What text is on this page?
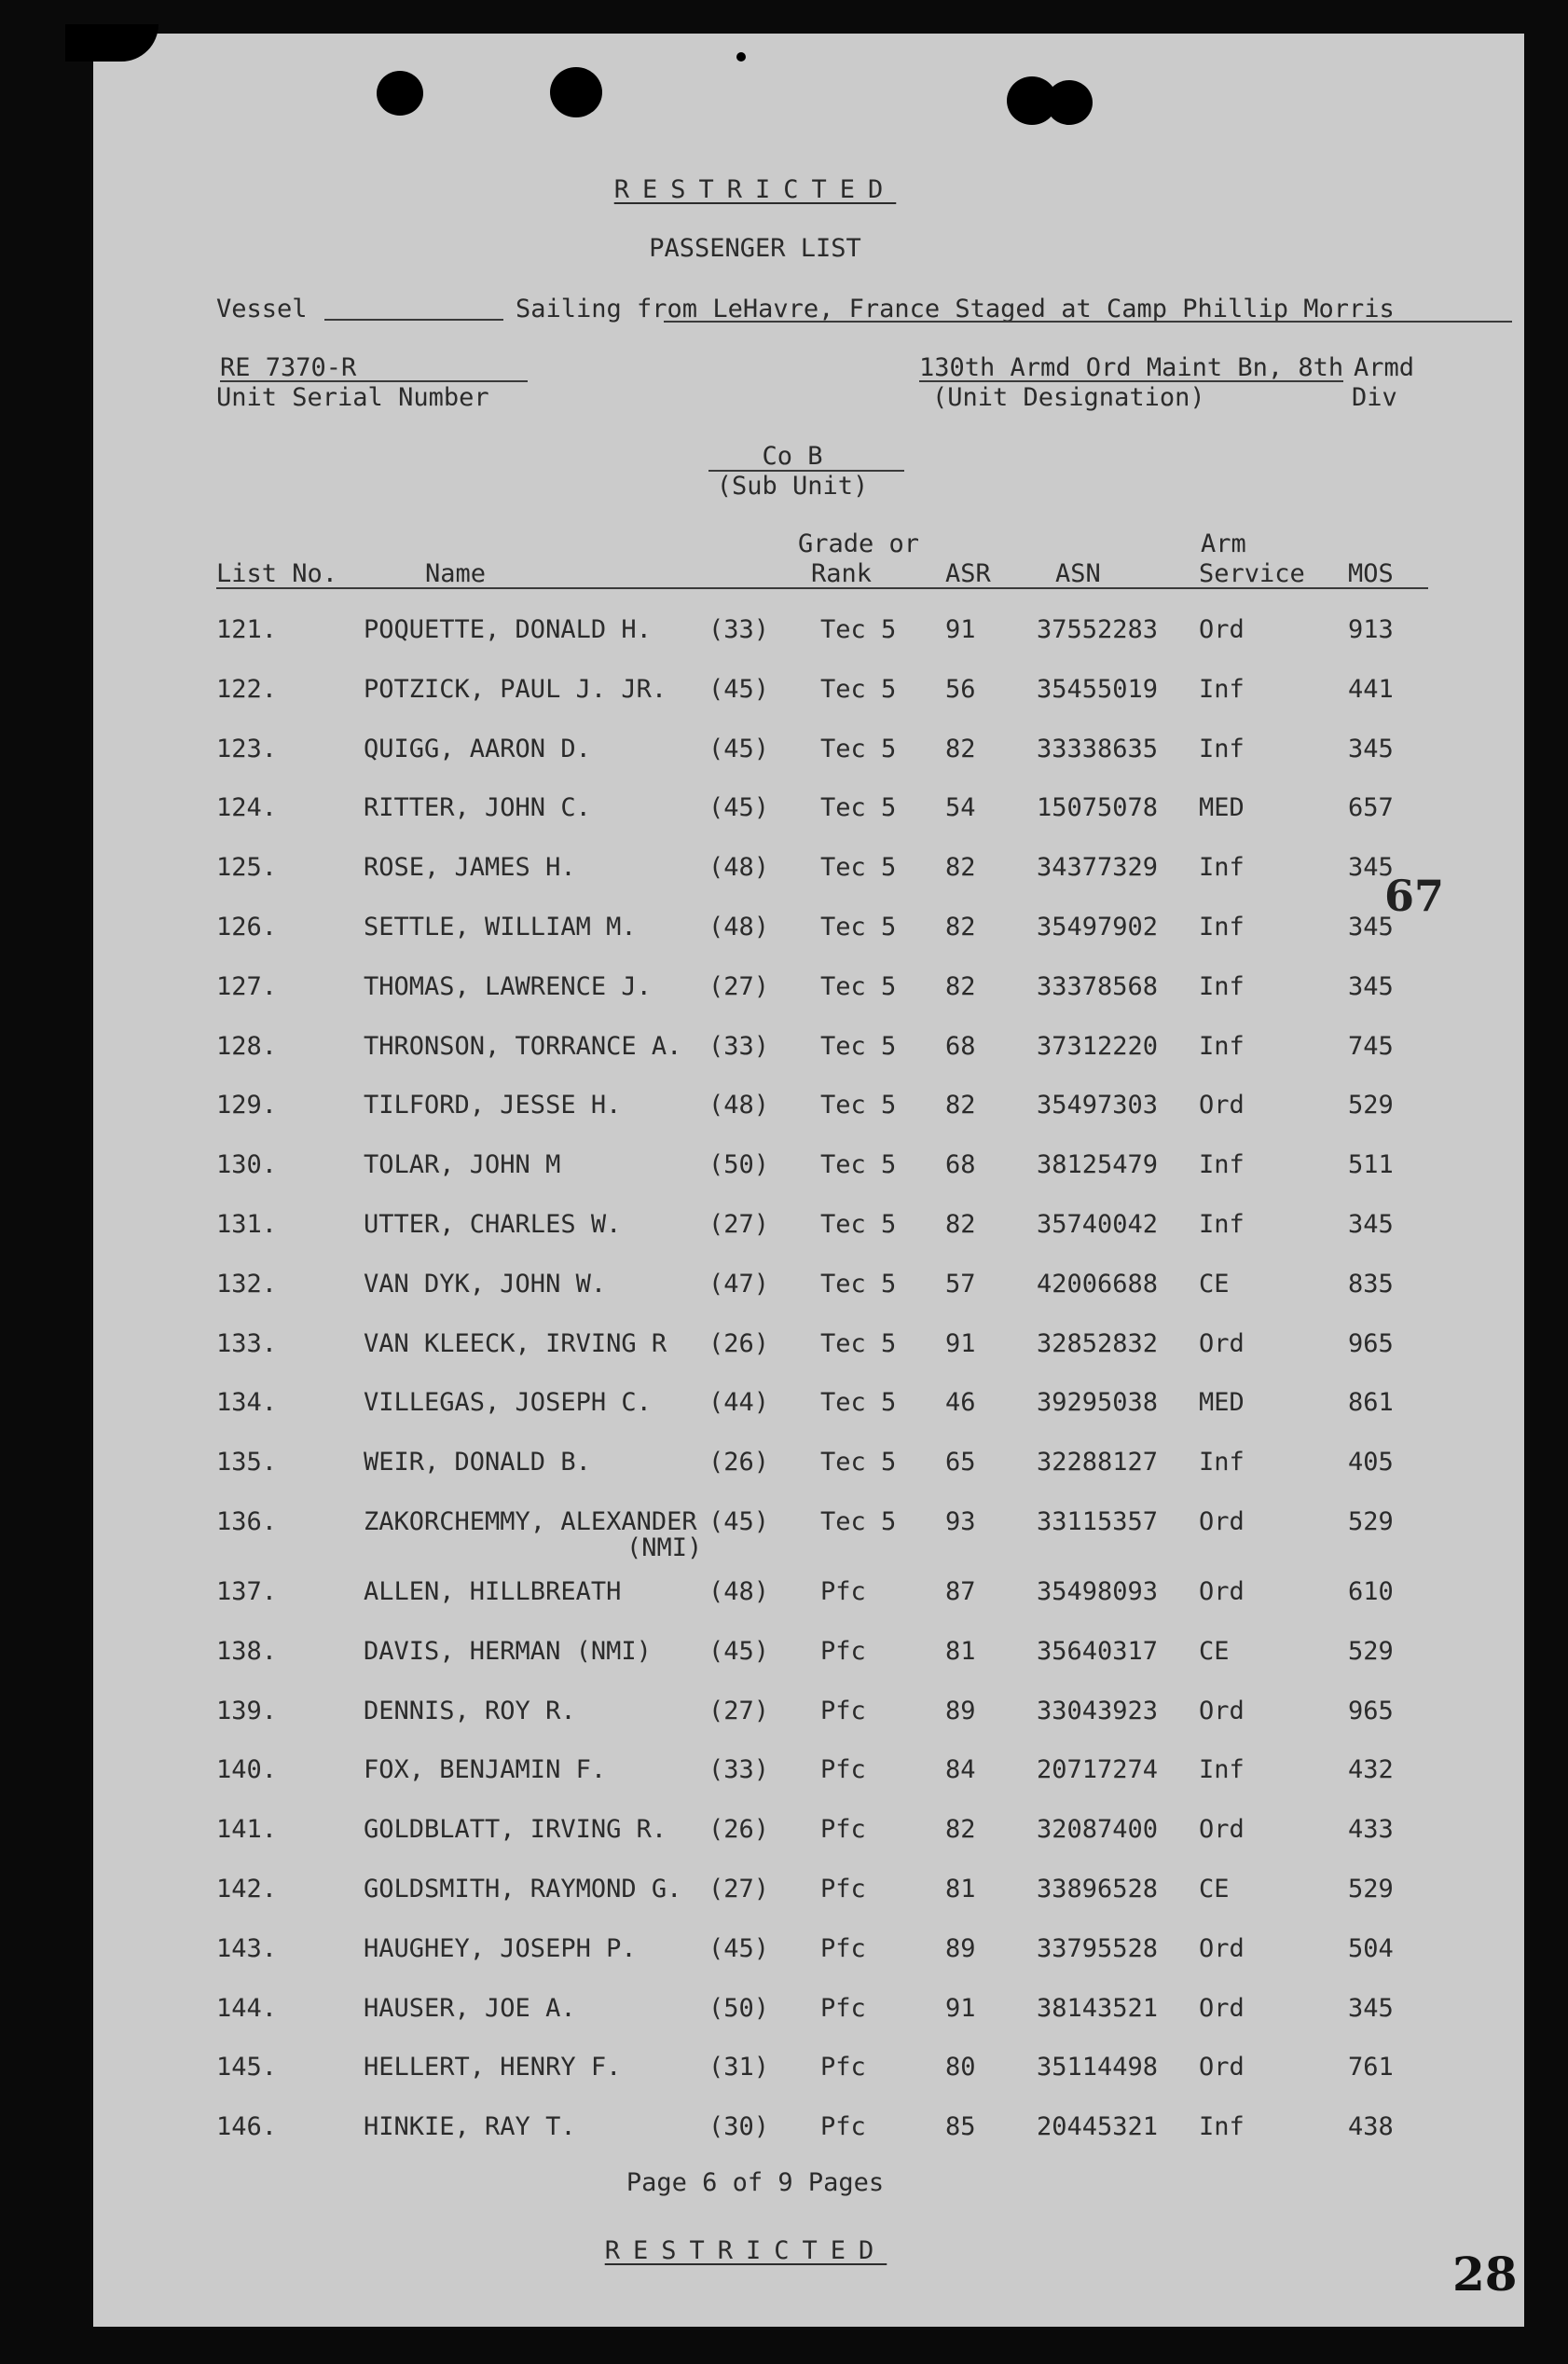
RESTRICTED
PASSENGER LIST
Vessel	Sailing from LeHavre, France Staged at Camp Phillip Morris
RE 7370-R
Unit Serial Number
130th Armd Ord Maint Bn, 8th Armd
(Unit Designation)	Div
Co B
(Sub Unit)
Grade or	Arm
List No.	Name	Rank	ASR	ASN	Service MOS
121.	POQUETTE, DONALD H. (33) Tec 5 91 37552283 Ord	913
122.	POTZICK, PAUL J. JR. (45) Tec 5 56 35455019 Inf	441
123.	QUIGG, AARON D.	(45) Tec 5 82 33338635 Inf	345
124.	RITTER, JOHN C.	(45) Tec 5 54 15075078 MED	657
125.	ROSE, JAMES H.	(48) Tec 5 82 34377329 Inf	345
126.	SETTLE, WILLIAM M.	(48) Tec 5 82 35497902 Inf	345
127.	THOMAS, LAWRENCE J. (27) Tec 5 82 33378568 Inf	345
128.	THRONSON, TORRANCE A. (33) Tec 5 68 37312220 Inf	745
129.	TILFORD, JESSE H.	(48) Tec 5 82 35497303 Ord	529
130.	TOLAR, JOHN M	(50) Tec 5 68 38125479 Inf	511
131.	UTTER, CHARLES W.	(27) Tec 5 82 35740042 Inf	345
132.	VAN DYK, JOHN W.	(47) Tec 5 57 42006688 CE	835
133.	VAN KLEECK, IRVING R (26) Tec 5 91 32852832 Ord	965
134.	VILLEGAS, JOSEPH C. (44) Tec 5 46 39295038 MED	861
135.	WEIR, DONALD B.	(26) Tec 5 65 32288127 Inf	405
136.	ZAKORCHEMMY, ALEXANDER (45) Tec 5 93 33115357 Ord	529
(NMI)
137.	ALLEN, HILLBREATH	(48) Pfc	87 35498093 Ord	610
138.	DAVIS, HERMAN (NMI) (45) Pfc	81 35640317 CE	529
139.	DENNIS, ROY R.	(27) Pfc	89 33043923 Ord	965
140.	FOX, BENJAMIN F.	(33) Pfc	84 20717274 Inf	432
141.	GOLDBLATT, IRVING R. (26) Pfc	82 32087400 Ord	433
142.	GOLDSMITH, RAYMOND G. (27) Pfc	81 33896528 CE	529
143.	HAUGHEY, JOSEPH P.	(45) Pfc	89 33795528 Ord	504
144.	HAUSER, JOE A.	(50) Pfc	91 38143521 Ord	345
145.	HELLERT, HENRY F.	(31) Pfc	80 35114498 Ord	761
146.	HINKIE, RAY T.	(30) Pfc	85 20445321 Inf	438
67
Page 6 of 9 Pages
RESTRICTED	28
